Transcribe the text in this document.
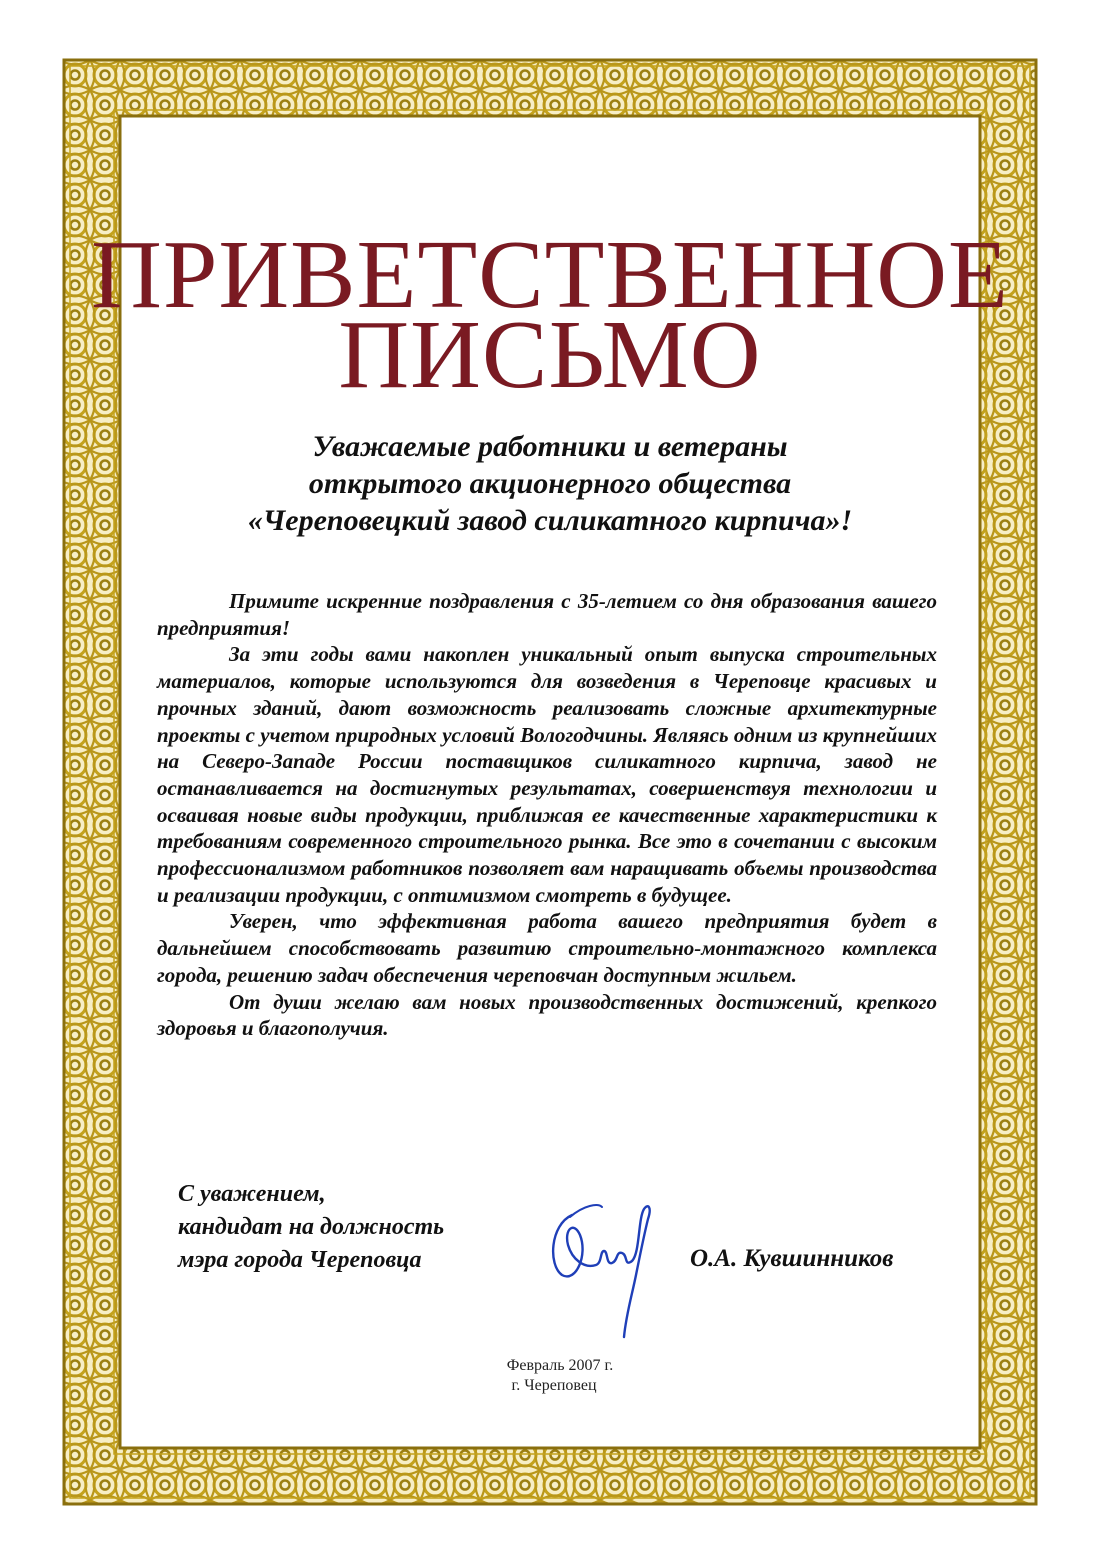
ПРИВЕТСТВЕННОЕ
ПИСЬМО
Уважаемые работники и ветераны
открытого акционерного общества
«Череповецкий завод силикатного кирпича»!

Примите искренние поздравления с 35-летием со дня образования вашего предприятия!

За эти годы вами накоплен уникальный опыт выпуска строительных материалов, которые используются для возведения в Череповце красивых и прочных зданий, дают возможность реализовать сложные архитектурные проекты с учетом природных условий Вологодчины. Являясь одним из крупнейших на Северо-Западе России поставщиков силикатного кирпича, завод не останавливается на достигнутых результатах, совершенствуя технологии и осваивая новые виды продукции, приближая ее качественные характеристики к требованиям современного строительного рынка. Все это в сочетании с высоким профессионализмом работников позволяет вам наращивать объемы производства и реализации продукции, с оптимизмом смотреть в будущее.

Уверен, что эффективная работа вашего предприятия будет в дальнейшем способствовать развитию строительно-монтажного комплекса города, решению задач обеспечения череповчан доступным жильем.

От души желаю вам новых производственных достижений, крепкого здоровья и благополучия.

С уважением,
кандидат на должность
мэра города Череповца	О.А. Кувшинников
Февраль 2007 г.
г. Череповец
